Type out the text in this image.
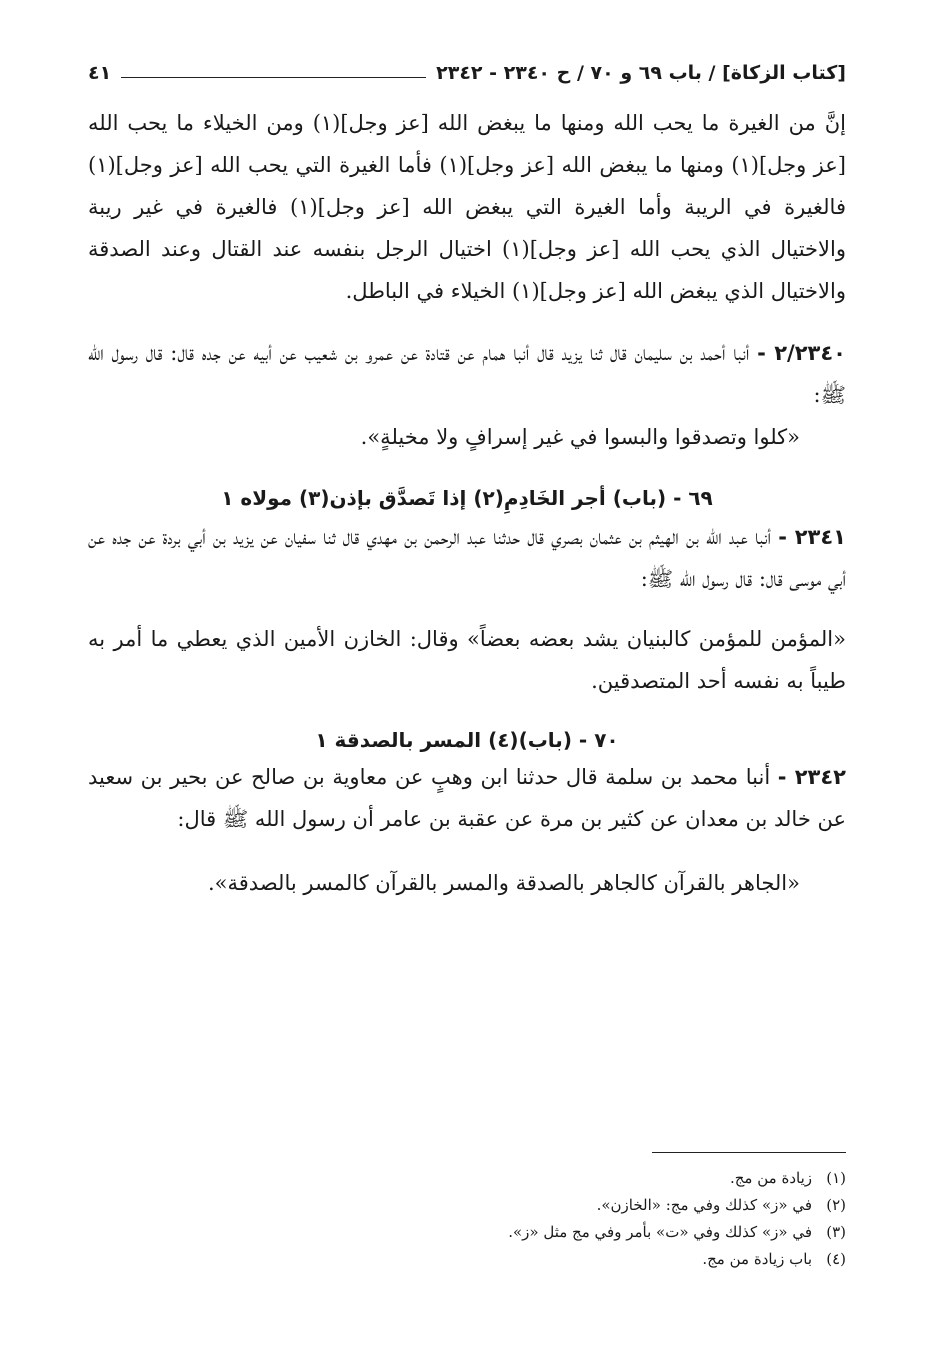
[كتاب الزكاة] / باب ٦٩ و ٧٠ / ح ٢٣٤٠ - ٢٣٤٢
٤١

إنَّ من الغيرة ما يحب الله ومنها ما يبغض الله [عز وجل](١) ومن الخيلاء ما يحب الله [عز وجل](١) ومنها ما يبغض الله [عز وجل](١) فأما الغيرة التي يحب الله [عز وجل](١) فالغيرة في الريبة وأما الغيرة التي يبغض الله [عز وجل](١) فالغيرة في غير ريبة والاختيال الذي يحب الله [عز وجل](١) اختيال الرجل بنفسه عند القتال وعند الصدقة والاختيال الذي يبغض الله [عز وجل](١) الخيلاء في الباطل.

٢/٢٣٤٠ - أنبا أحمد بن سليمان قال ثنا يزيد قال أنبا همام عن قتادة عن عمرو بن شعيب عن أبيه عن جده قال: قال رسول الله ﷺ:

«كلوا وتصدقوا والبسوا في غير إسرافٍ ولا مخيلةٍ».

٦٩ - (باب) أجر الخَادِمِ(٢) إذا تَصدَّق بإذن(٣) مولاه ١

٢٣٤١ - أنبا عبد الله بن الهيثم بن عثمان بصري قال حدثنا عبد الرحمن بن مهدي قال ثنا سفيان عن يزيد بن أبي بردة عن جده عن أبي موسى قال: قال رسول الله ﷺ:

«المؤمن للمؤمن كالبنيان يشد بعضه بعضاً» وقال: الخازن الأمين الذي يعطي ما أمر به طيباً به نفسه أحد المتصدقين.

٧٠ - (باب)(٤) المسر بالصدقة ١

٢٣٤٢ - أنبا محمد بن سلمة قال حدثنا ابن وهبٍ عن معاوية بن صالح عن بحير بن سعيد عن خالد بن معدان عن كثير بن مرة عن عقبة بن عامر أن رسول الله ﷺ قال:

«الجاهر بالقرآن كالجاهر بالصدقة والمسر بالقرآن كالمسر بالصدقة».

(١)
زيادة من مج.
(٢)
في «ز» كذلك وفي مج: «الخازن».
(٣)
في «ز» كذلك وفي «ت» بأمر وفي مج مثل «ز».
(٤)
باب زيادة من مج.
